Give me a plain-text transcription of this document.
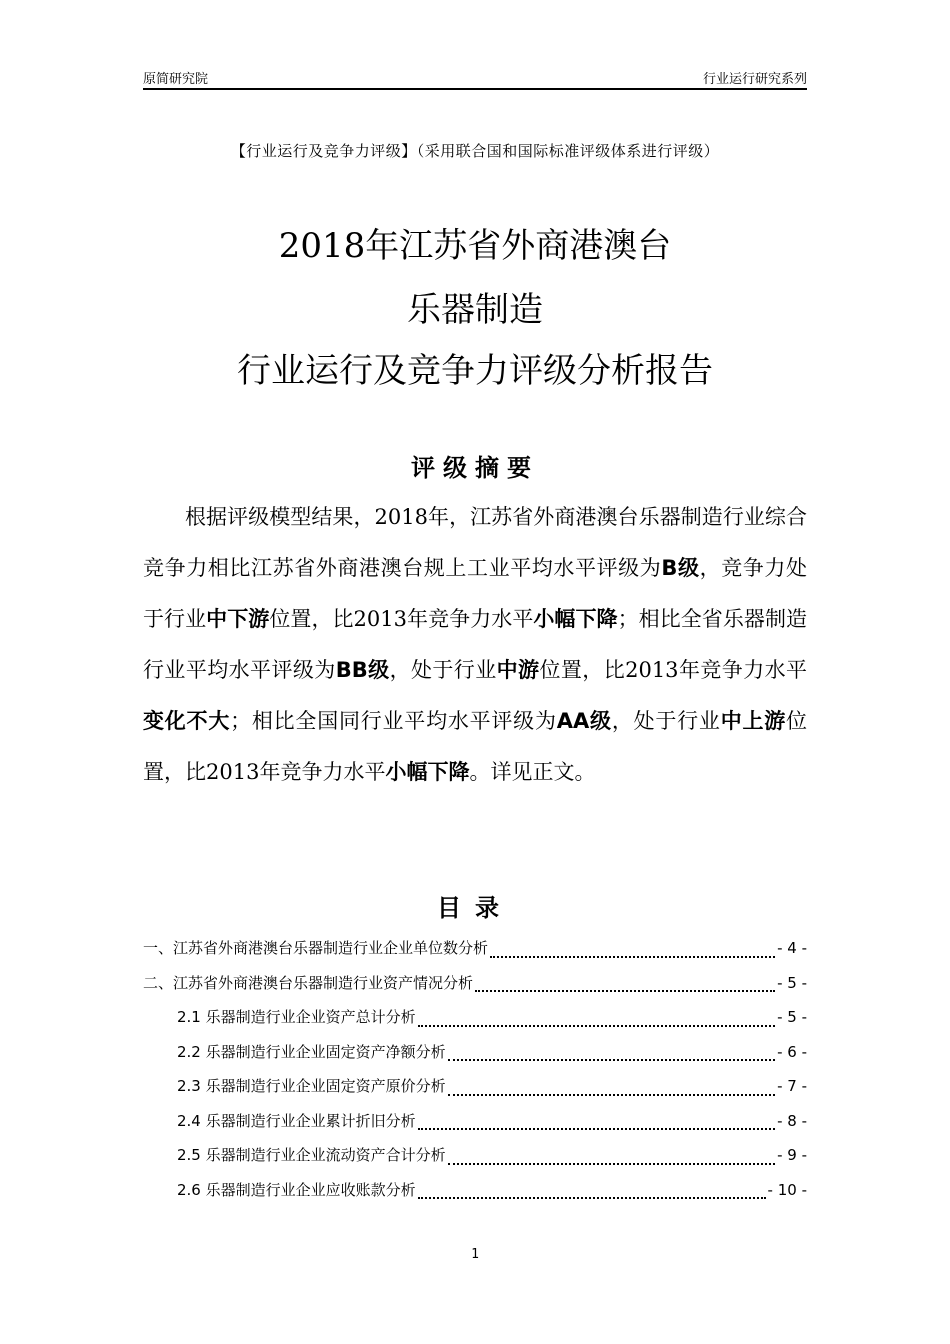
原简研究院	行业运行研究系列
【行业运行及竞争力评级】（采用联合国和国际标准评级体系进行评级）
2018年江苏省外商港澳台
乐器制造
行业运行及竞争力评级分析报告
评级摘要
根据评级模型结果，2018年，江苏省外商港澳台乐器制造行业综合竞争力相比江苏省外商港澳台规上工业平均水平评级为B级，竞争力处于行业中下游位置，比2013年竞争力水平小幅下降；相比全省乐器制造行业平均水平评级为BB级，处于行业中游位置，比2013年竞争力水平变化不大；相比全国同行业平均水平评级为AA级，处于行业中上游位置，比2013年竞争力水平小幅下降。详见正文。
目录
一、江苏省外商港澳台乐器制造行业企业单位数分析	- 4 -
二、江苏省外商港澳台乐器制造行业资产情况分析	- 5 -
2.1 乐器制造行业企业资产总计分析	- 5 -
2.2 乐器制造行业企业固定资产净额分析	- 6 -
2.3 乐器制造行业企业固定资产原价分析	- 7 -
2.4 乐器制造行业企业累计折旧分析	- 8 -
2.5 乐器制造行业企业流动资产合计分析	- 9 -
2.6 乐器制造行业企业应收账款分析	- 10 -
1
